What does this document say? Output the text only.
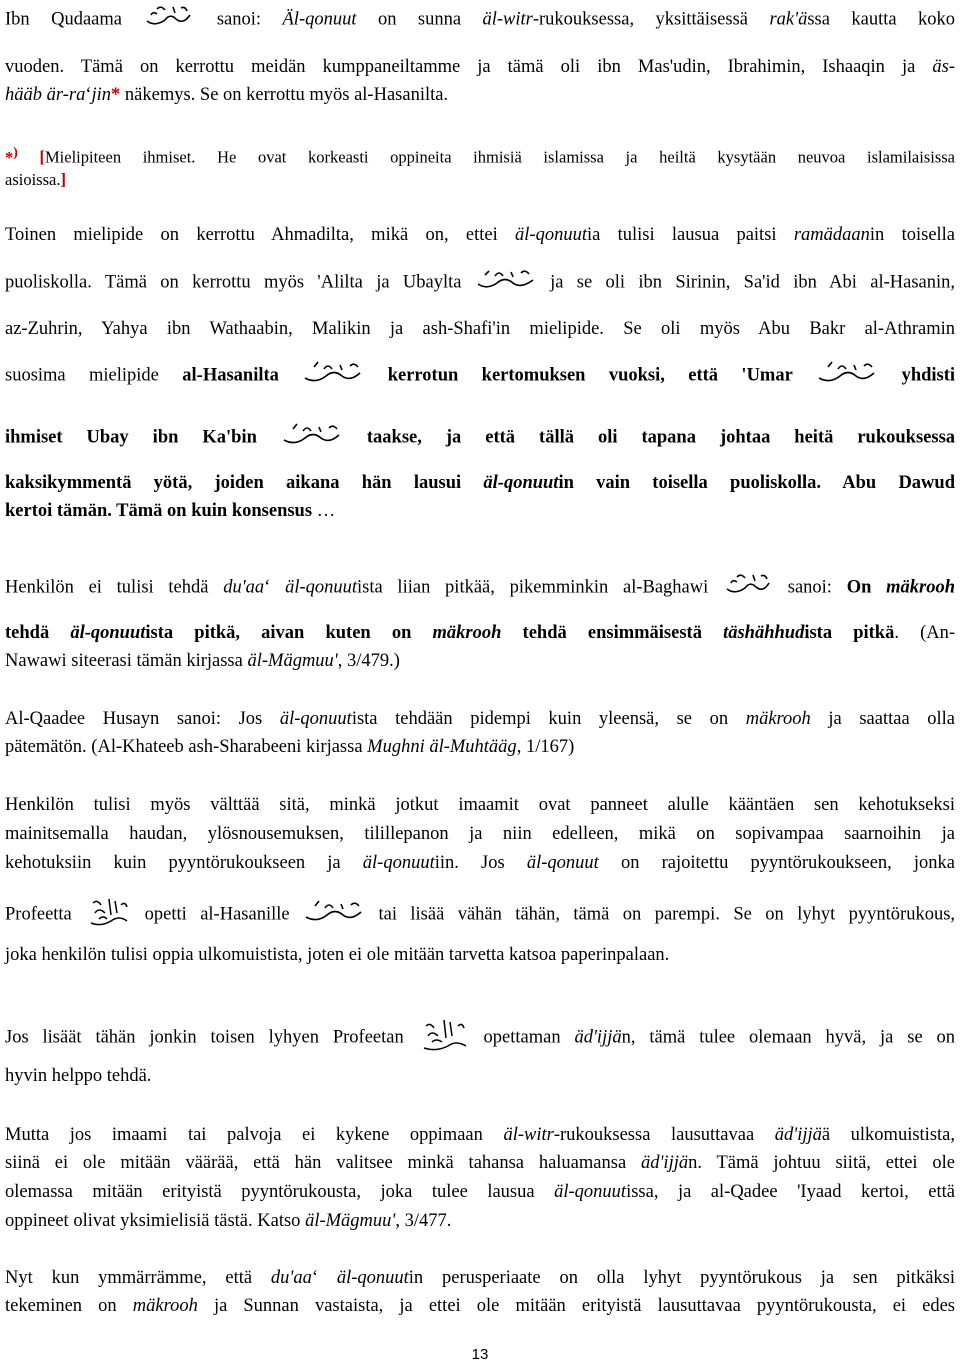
Ibn Qudaama	sanoi: Äl-qonuut on sunna äl-witr-rukouksessa, yksittäisessä rak'ässa kautta koko
vuoden. Tämä on kerrottu meidän kumppaneiltamme ja tämä oli ibn Mas'udin, Ibrahimin, Ishaaqin ja äs-
hääb är-ra‘jin* näkemys. Se on kerrottu myös al-Hasanilta.
*) [Mielipiteen ihmiset. He ovat korkeasti oppineita ihmisiä islamissa ja heiltä kysytään neuvoa islamilaisissa
asioissa.]
Toinen mielipide on kerrottu Ahmadilta, mikä on, ettei äl-qonuutia tulisi lausua paitsi ramädaanin toisella
puoliskolla. Tämä on kerrottu myös 'Alilta ja Ubaylta	ja se oli ibn Sirinin, Sa'id ibn Abi al-Hasanin,
az-Zuhrin, Yahya ibn Wathaabin, Malikin ja ash-Shafi'in mielipide. Se oli myös Abu Bakr al-Athramin
suosima mielipide al-Hasanilta	kerrotun kertomuksen vuoksi, että 'Umar	yhdisti
ihmiset Ubay ibn Ka'bin	taakse, ja että tällä oli tapana johtaa heitä rukouksessa
kaksikymmentä yötä, joiden aikana hän lausui äl-qonuutin vain toisella puoliskolla. Abu Dawud
kertoi tämän. Tämä on kuin konsensus …
Henkilön ei tulisi tehdä du'aa‘ äl-qonuutista liian pitkää, pikemminkin al-Baghawi	sanoi: On mäkrooh
tehdä äl-qonuutista pitkä, aivan kuten on mäkrooh tehdä ensimmäisestä täshähhudista pitkä. (An-
Nawawi siteerasi tämän kirjassa äl-Mägmuu', 3/479.)
Al-Qaadee Husayn sanoi: Jos äl-qonuutista tehdään pidempi kuin yleensä, se on mäkrooh ja saattaa olla
pätemätön. (Al-Khateeb ash-Sharabeeni kirjassa Mughni äl-Muhtääg, 1/167)
Henkilön tulisi myös välttää sitä, minkä jotkut imaamit ovat panneet alulle kääntäen sen kehotukseksi
mainitsemalla haudan, ylösnousemuksen, tilillepanon ja niin edelleen, mikä on sopivampaa saarnoihin ja
kehotuksiin kuin pyyntörukoukseen ja äl-qonuutiin. Jos äl-qonuut on rajoitettu pyyntörukoukseen, jonka
Profeetta	opetti al-Hasanille	tai lisää vähän tähän, tämä on parempi. Se on lyhyt pyyntörukous,
joka henkilön tulisi oppia ulkomuistista, joten ei ole mitään tarvetta katsoa paperinpalaan.
Jos lisäät tähän jonkin toisen lyhyen Profeetan	opettaman äd'ijjän, tämä tulee olemaan hyvä, ja se on
hyvin helppo tehdä.
Mutta jos imaami tai palvoja ei kykene oppimaan äl-witr-rukouksessa lausuttavaa äd'ijjää ulkomuistista,
siinä ei ole mitään väärää, että hän valitsee minkä tahansa haluamansa äd'ijjän. Tämä johtuu siitä, ettei ole
olemassa mitään erityistä pyyntörukousta, joka tulee lausua äl-qonuutissa, ja al-Qadee 'Iyaad kertoi, että
oppineet olivat yksimielisiä tästä. Katso äl-Mägmuu', 3/477.
Nyt kun ymmärrämme, että du'aa‘ äl-qonuutin perusperiaate on olla lyhyt pyyntörukous ja sen pitkäksi
tekeminen on mäkrooh ja Sunnan vastaista, ja ettei ole mitään erityistä lausuttavaa pyyntörukousta, ei edes
13
